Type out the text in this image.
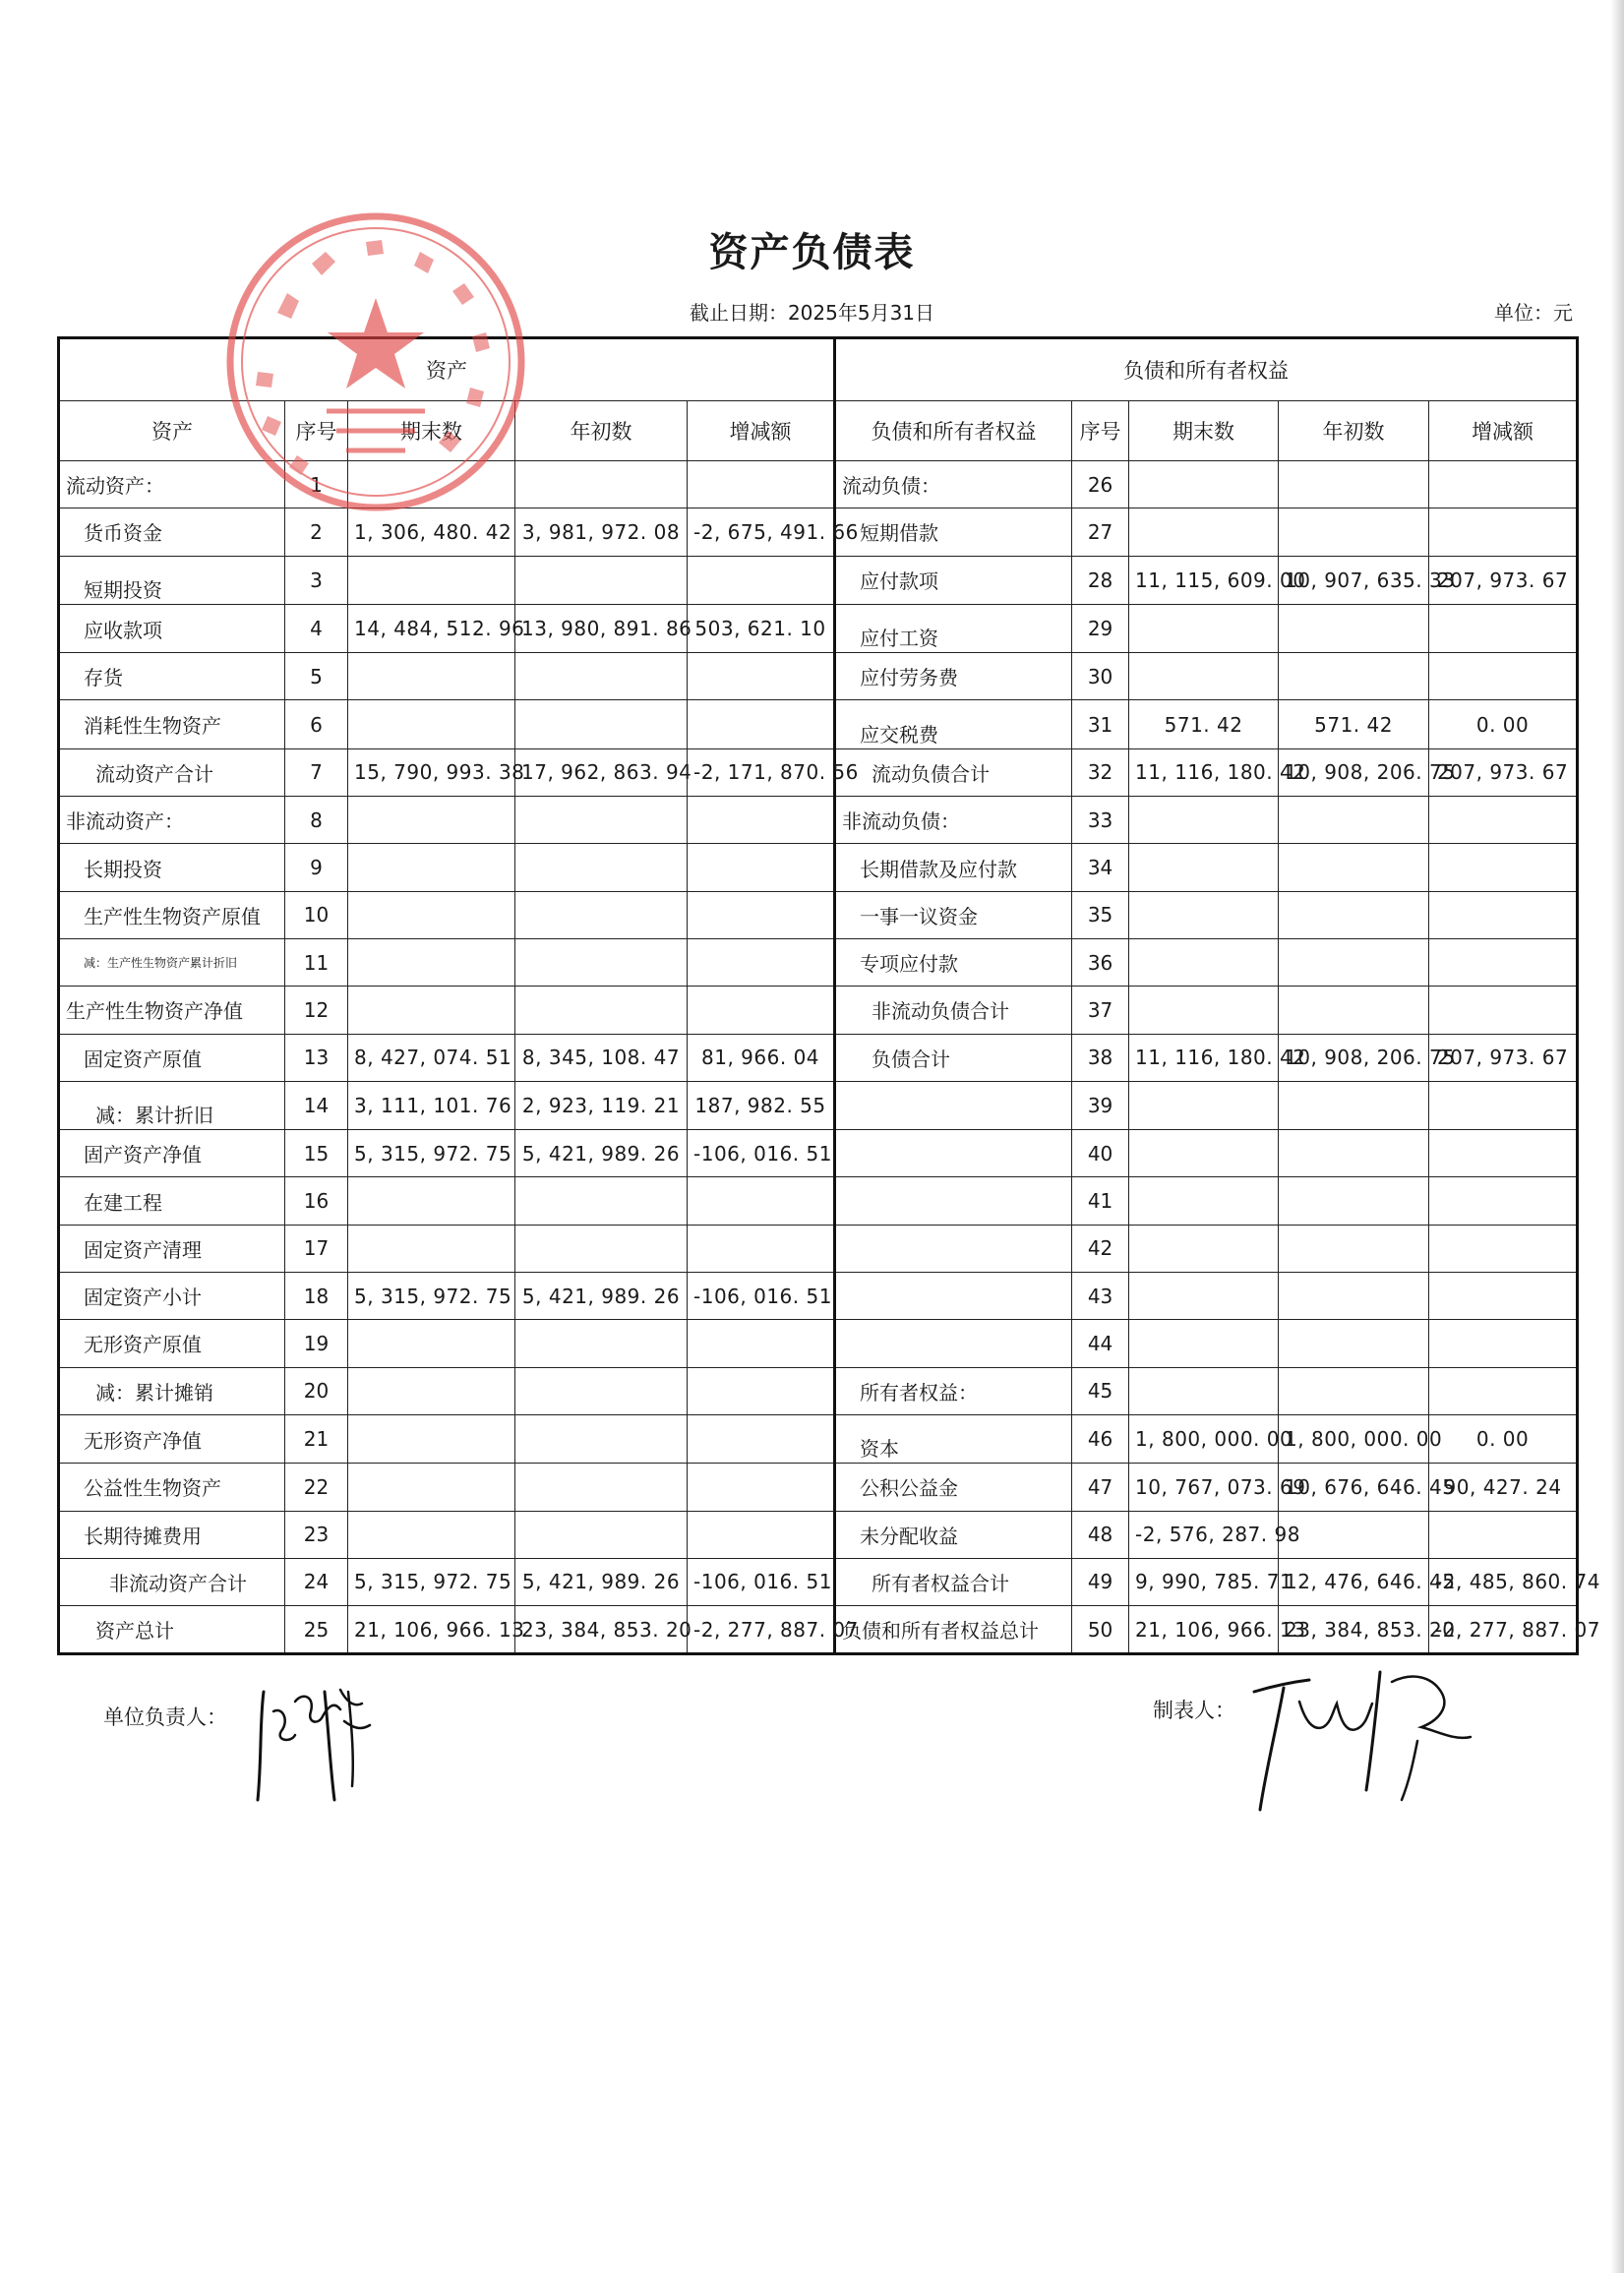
资产负债表
截止日期：2025年5月31日	单位：元
资产					负债和所有者权益				
资产	序号	期末数	年初数	增减额	负债和所有者权益	序号	期末数	年初数	增减额
流动资产：	1				流动负债：	26			
货币资金	2	1, 306, 480. 42	3, 981, 972. 08	-2, 675, 491. 66	短期借款	27			
短期投资	3				应付款项	28	11, 115, 609. 00	10, 907, 635. 33	207, 973. 67
应收款项	4	14, 484, 512. 96	13, 980, 891. 86	503, 621. 10	应付工资	29			
存货	5				应付劳务费	30			
消耗性生物资产	6				应交税费	31	571. 42	571. 42	0. 00
流动资产合计	7	15, 790, 993. 38	17, 962, 863. 94	-2, 171, 870. 56	流动负债合计	32	11, 116, 180. 42	10, 908, 206. 75	207, 973. 67
非流动资产：	8				非流动负债：	33			
长期投资	9				长期借款及应付款	34			
生产性生物资产原值	10				一事一议资金	35			
减：生产性生物资产累计折旧	11				专项应付款	36			
生产性生物资产净值	12				非流动负债合计	37			
固定资产原值	13	8, 427, 074. 51	8, 345, 108. 47	81, 966. 04	负债合计	38	11, 116, 180. 42	10, 908, 206. 75	207, 973. 67
减：累计折旧	14	3, 111, 101. 76	2, 923, 119. 21	187, 982. 55		39			
固产资产净值	15	5, 315, 972. 75	5, 421, 989. 26	-106, 016. 51		40			
在建工程	16					41			
固定资产清理	17					42			
固定资产小计	18	5, 315, 972. 75	5, 421, 989. 26	-106, 016. 51		43			
无形资产原值	19					44			
减：累计摊销	20				所有者权益：	45			
无形资产净值	21				资本	46	1, 800, 000. 00	1, 800, 000. 00	0. 00
公益性生物资产	22				公积公益金	47	10, 767, 073. 69	10, 676, 646. 45	90, 427. 24
长期待摊费用	23				未分配收益	48	-2, 576, 287. 98		
非流动资产合计	24	5, 315, 972. 75	5, 421, 989. 26	-106, 016. 51	所有者权益合计	49	9, 990, 785. 71	12, 476, 646. 45	-2, 485, 860. 74
资产总计	25	21, 106, 966. 13	23, 384, 853. 20	-2, 277, 887. 07	负债和所有者权益总计	50	21, 106, 966. 13	23, 384, 853. 20	-2, 277, 887. 07
单位负责人：	制表人：
